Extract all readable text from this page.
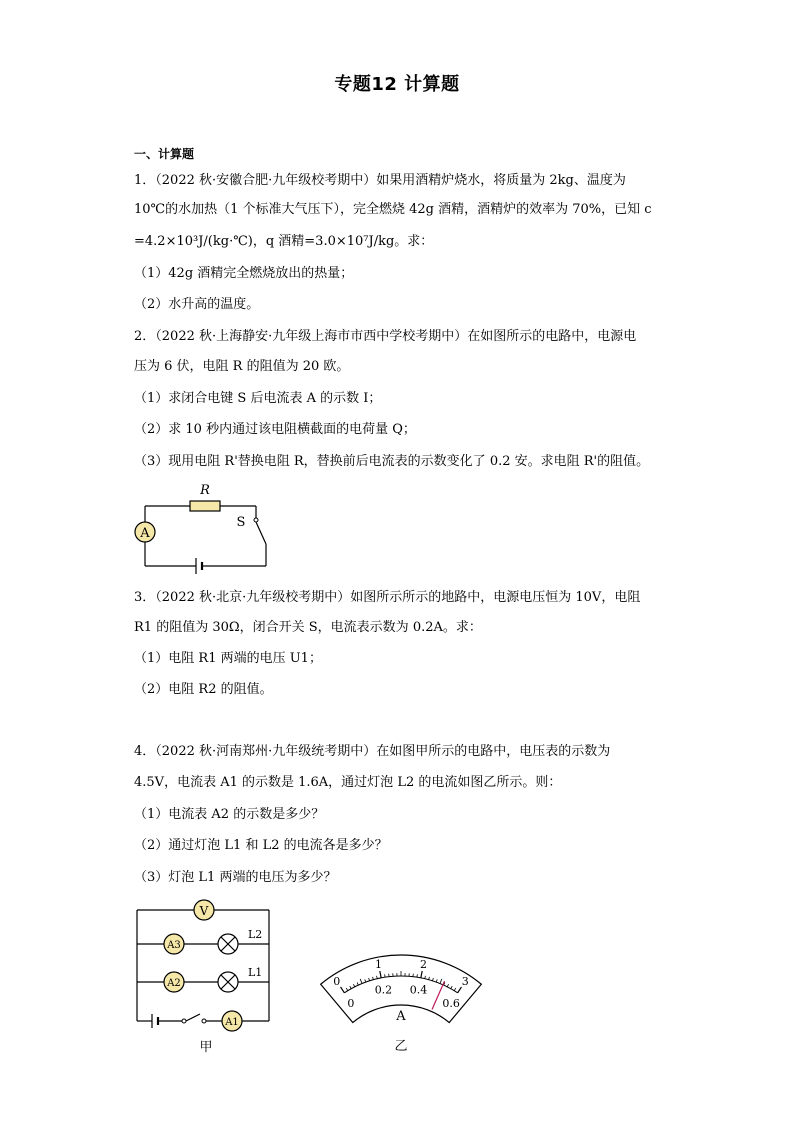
专题12 计算题
一、计算题
1．（2022 秋·安徽合肥·九年级校考期中）如果用酒精炉烧水，将质量为 2kg、温度为
10℃的水加热（1 个标准大气压下），完全燃烧 42g 酒精，酒精炉的效率为 70%，已知 c
=4.2×10³J/(kg·℃)，q 酒精=3.0×10⁷J/kg。求：
（1）42g 酒精完全燃烧放出的热量；
（2）水升高的温度。
2．（2022 秋·上海静安·九年级上海市市西中学校考期中）在如图所示的电路中，电源电
压为 6 伏，电阻 R 的阻值为 20 欧。
（1）求闭合电键 S 后电流表 A 的示数 I；
（2）求 10 秒内通过该电阻横截面的电荷量 Q；
（3）现用电阻 R'替换电阻 R，替换前后电流表的示数变化了 0.2 安。求电阻 R'的阻值。
A
R
S
3．（2022 秋·北京·九年级校考期中）如图所示所示的地路中，电源电压恒为 10V，电阻
R1 的阻值为 30Ω，闭合开关 S，电流表示数为 0.2A。求：
（1）电阻 R1 两端的电压 U1；
（2）电阻 R2 的阻值。
4．（2022 秋·河南郑州·九年级统考期中）在如图甲所示的电路中，电压表的示数为
4.5V，电流表 A1 的示数是 1.6A，通过灯泡 L2 的电流如图乙所示。则：
（1）电流表 A2 的示数是多少？
（2）通过灯泡 L1 和 L2 的电流各是多少？
（3）灯泡 L1 两端的电压为多少？
V
A3
A2
A1
L2
L1
甲
0
1	2
3
0
0.2 0.4
0.6
A
乙
